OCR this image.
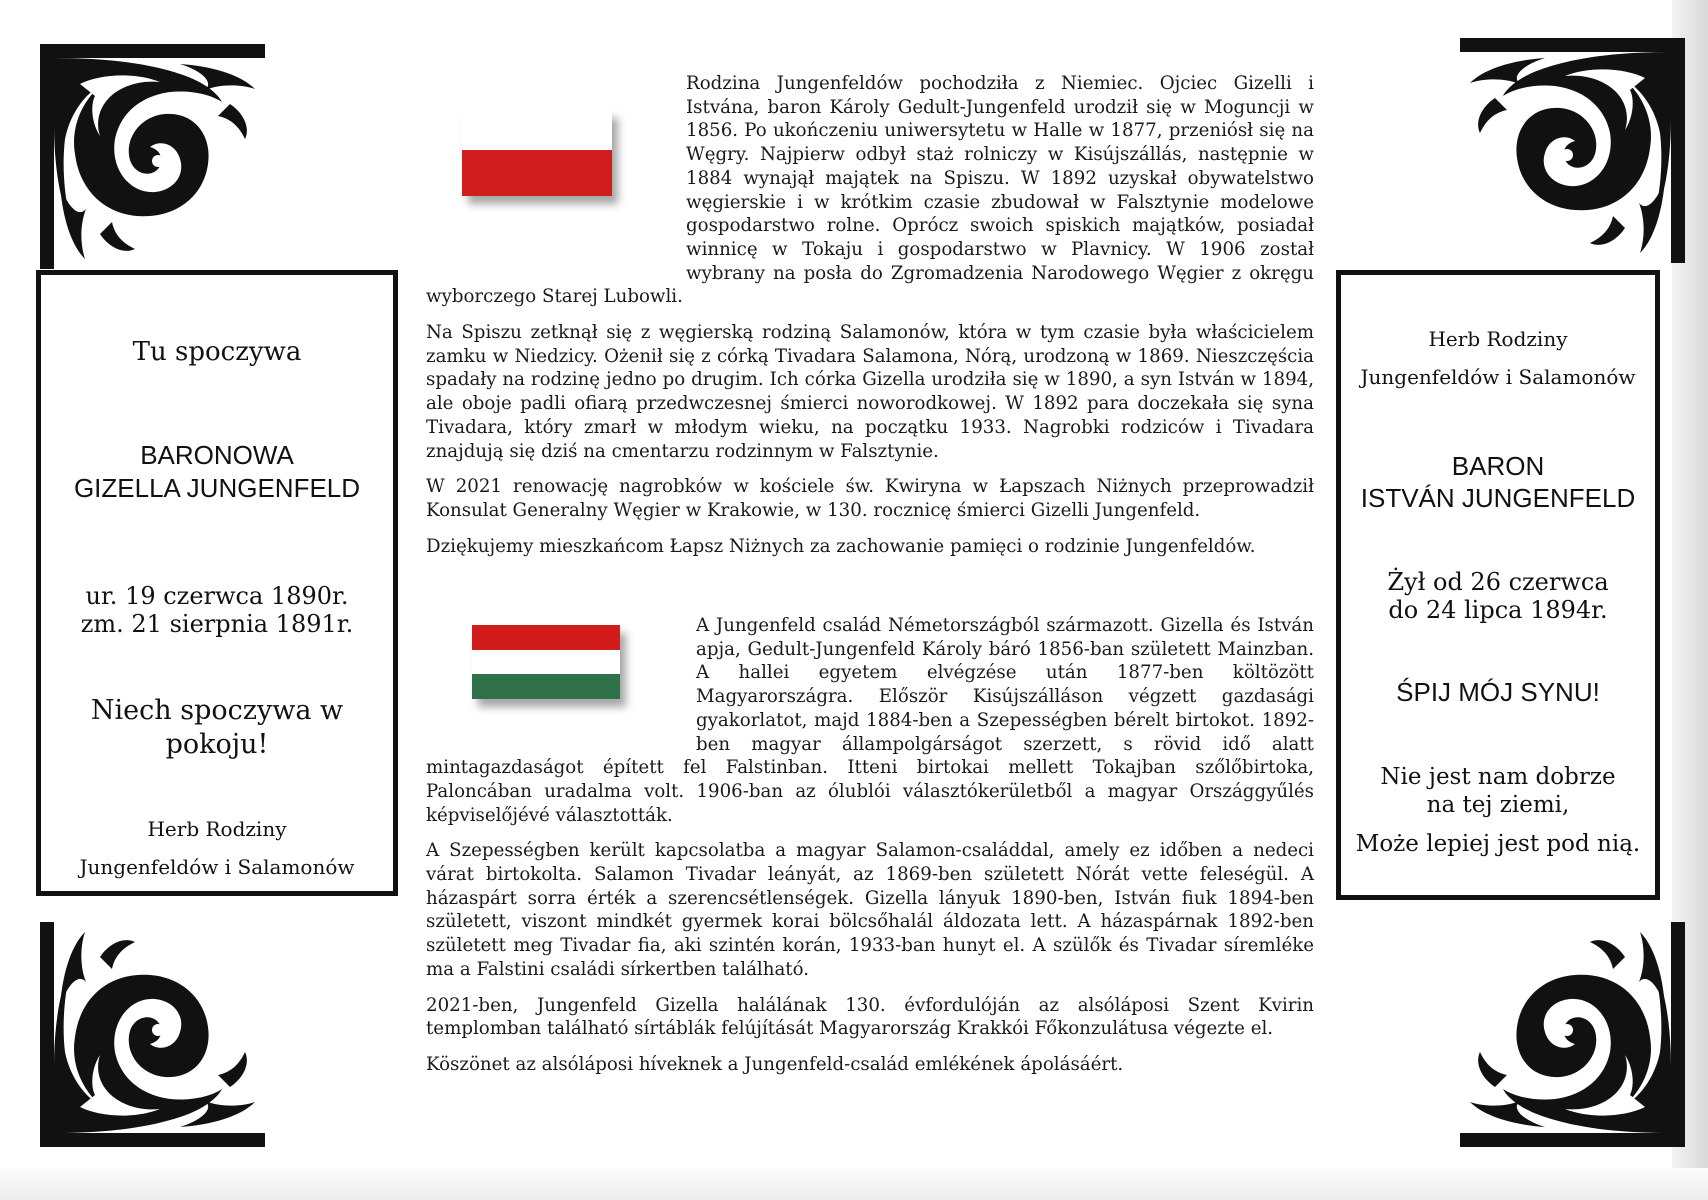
Tu spoczywa
BARONOWA
GIZELLA JUNGENFELD
ur. 19 czerwca 1890r.
zm. 21 sierpnia 1891r.
Niech spoczywa w
pokoju!
Herb Rodziny
Jungenfeldów i Salamonów
Herb Rodziny
Jungenfeldów i Salamonów
BARON
ISTVÁN JUNGENFELD
Żył od 26 czerwca
do 24 lipca 1894r.
ŚPIJ MÓJ SYNU!
Nie jest nam dobrze
na tej ziemi,
Może lepiej jest pod nią.

Rodzina Jungenfeldów pochodziła z Niemiec. Ojciec Gizelli i Istvána, baron Károly Gedult-Jungenfeld urodził się w Moguncji w 1856. Po ukończeniu uniwersytetu w Halle w 1877, przeniósł się na Węgry. Najpierw odbył staż rolniczy w Kisújszállás, następnie w 1884 wynajął majątek na Spiszu. W 1892 uzyskał obywatelstwo węgierskie i w krótkim czasie zbudował w Falsztynie modelowe gospodarstwo rolne. Oprócz swoich spiskich majątków, posiadał winnicę w Tokaju i gospodarstwo w Plavnicy. W 1906 został wybrany na posła do Zgromadzenia Narodowego Węgier z okręgu wyborczego Starej Lubowli.

Na Spiszu zetknął się z węgierską rodziną Salamonów, która w tym czasie była właścicielem zamku w Niedzicy. Ożenił się z córką Tivadara Salamona, Nórą, urodzoną w 1869. Nieszczęścia spadały na rodzinę jedno po drugim. Ich córka Gizella urodziła się w 1890, a syn István w 1894, ale oboje padli ofiarą przedwczesnej śmierci noworodkowej. W 1892 para doczekała się syna Tivadara, który zmarł w młodym wieku, na początku 1933. Nagrobki rodziców i Tivadara znajdują się dziś na cmentarzu rodzinnym w Falsztynie.

W 2021 renowację nagrobków w kościele św. Kwiryna w Łapszach Niżnych przeprowadził Konsulat Generalny Węgier w Krakowie, w 130. rocznicę śmierci Gizelli Jungenfeld.

Dziękujemy mieszkańcom Łapsz Niżnych za zachowanie pamięci o rodzinie Jungenfeldów.

A Jungenfeld család Németországból származott. Gizella és István apja, Gedult-Jungenfeld Károly báró 1856-ban született Mainzban. A hallei egyetem elvégzése után 1877-ben költözött Magyarországra. Először Kisújszálláson végzett gazdasági gyakorlatot, majd 1884-ben a Szepességben bérelt birtokot. 1892-ben magyar állampolgárságot szerzett, s rövid idő alatt mintagazdaságot épített fel Falstinban. Itteni birtokai mellett Tokajban szőlőbirtoka, Paloncában uradalma volt. 1906-ban az ólublói választókerületből a magyar Országgyűlés képviselőjévé választották.

A Szepességben került kapcsolatba a magyar Salamon-családdal, amely ez időben a nedeci várat birtokolta. Salamon Tivadar leányát, az 1869-ben született Nórát vette feleségül. A házaspárt sorra érték a szerencsétlenségek. Gizella lányuk 1890-ben, István fiuk 1894-ben született, viszont mindkét gyermek korai bölcsőhalál áldozata lett. A házaspárnak 1892-ben született meg Tivadar fia, aki szintén korán, 1933-ban hunyt el. A szülők és Tivadar síremléke ma a Falstini családi sírkertben található.

2021-ben, Jungenfeld Gizella halálának 130. évfordulóján az alsóláposi Szent Kvirin templomban található sírtáblák felújítását Magyarország Krakkói Főkonzulátusa végezte el.

Köszönet az alsóláposi híveknek a Jungenfeld-család emlékének ápolásáért.
